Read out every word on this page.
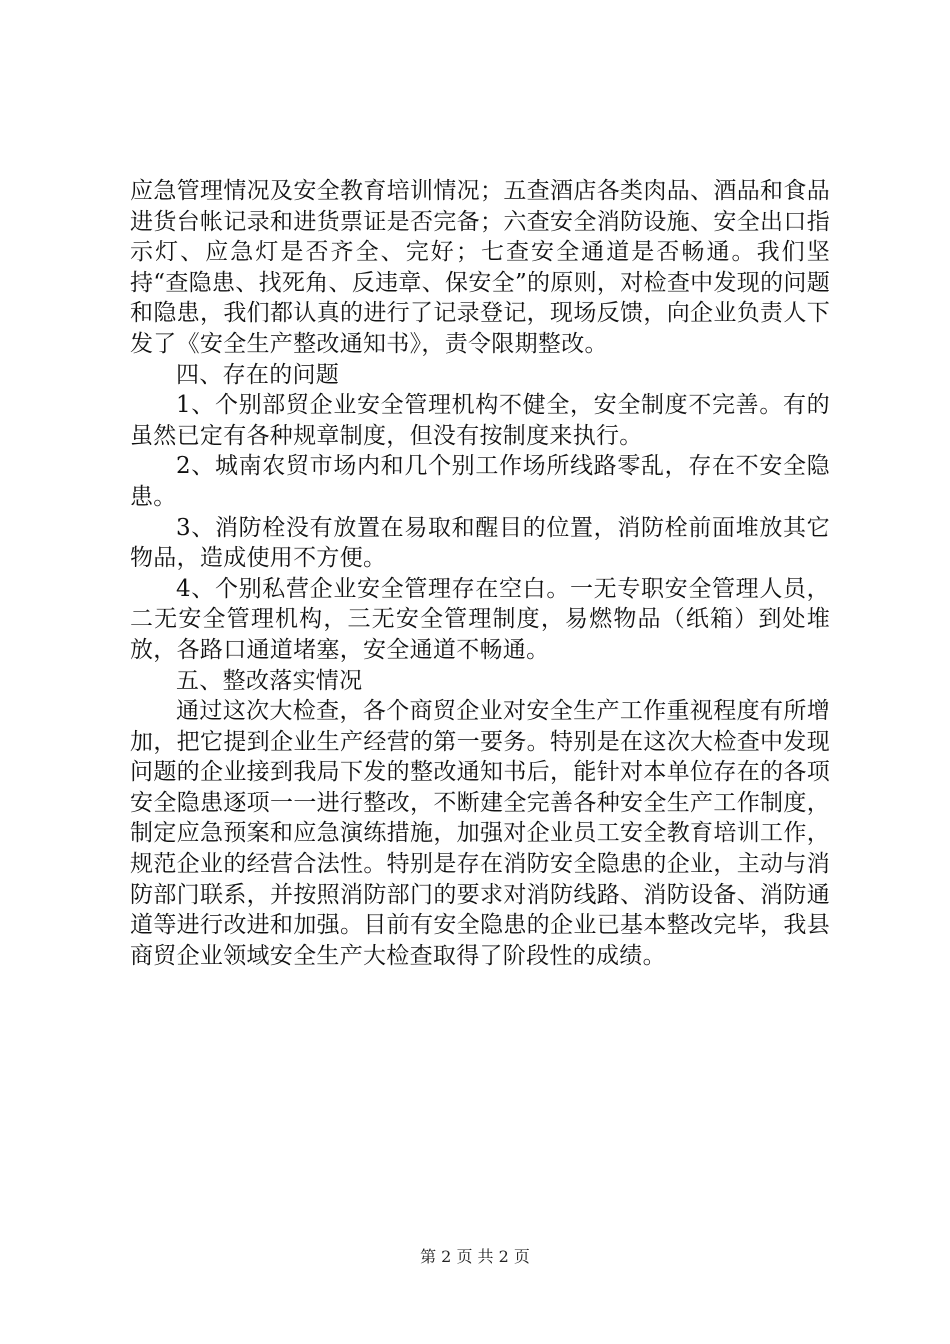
应急管理情况及安全教育培训情况；五查酒店各类肉品、酒品和食品进货台帐记录和进货票证是否完备；六查安全消防设施、安全出口指示灯、应急灯是否齐全、完好；七查安全通道是否畅通。我们坚持“查隐患、找死角、反违章、保安全”的原则，对检查中发现的问题和隐患，我们都认真的进行了记录登记，现场反馈，向企业负责人下发了《安全生产整改通知书》，责令限期整改。

四、存在的问题

1、个别部贸企业安全管理机构不健全，安全制度不完善。有的虽然已定有各种规章制度，但没有按制度来执行。

2、城南农贸市场内和几个别工作场所线路零乱，存在不安全隐患。

3、消防栓没有放置在易取和醒目的位置，消防栓前面堆放其它物品，造成使用不方便。

4、个别私营企业安全管理存在空白。一无专职安全管理人员，二无安全管理机构，三无安全管理制度，易燃物品（纸箱）到处堆放，各路口通道堵塞，安全通道不畅通。

五、整改落实情况

通过这次大检查，各个商贸企业对安全生产工作重视程度有所增加，把它提到企业生产经营的第一要务。特别是在这次大检查中发现问题的企业接到我局下发的整改通知书后，能针对本单位存在的各项安全隐患逐项一一进行整改，不断建全完善各种安全生产工作制度，制定应急预案和应急演练措施，加强对企业员工安全教育培训工作，规范企业的经营合法性。特别是存在消防安全隐患的企业，主动与消防部门联系，并按照消防部门的要求对消防线路、消防设备、消防通道等进行改进和加强。目前有安全隐患的企业已基本整改完毕，我县商贸企业领域安全生产大检查取得了阶段性的成绩。

第 2 页 共 2 页
